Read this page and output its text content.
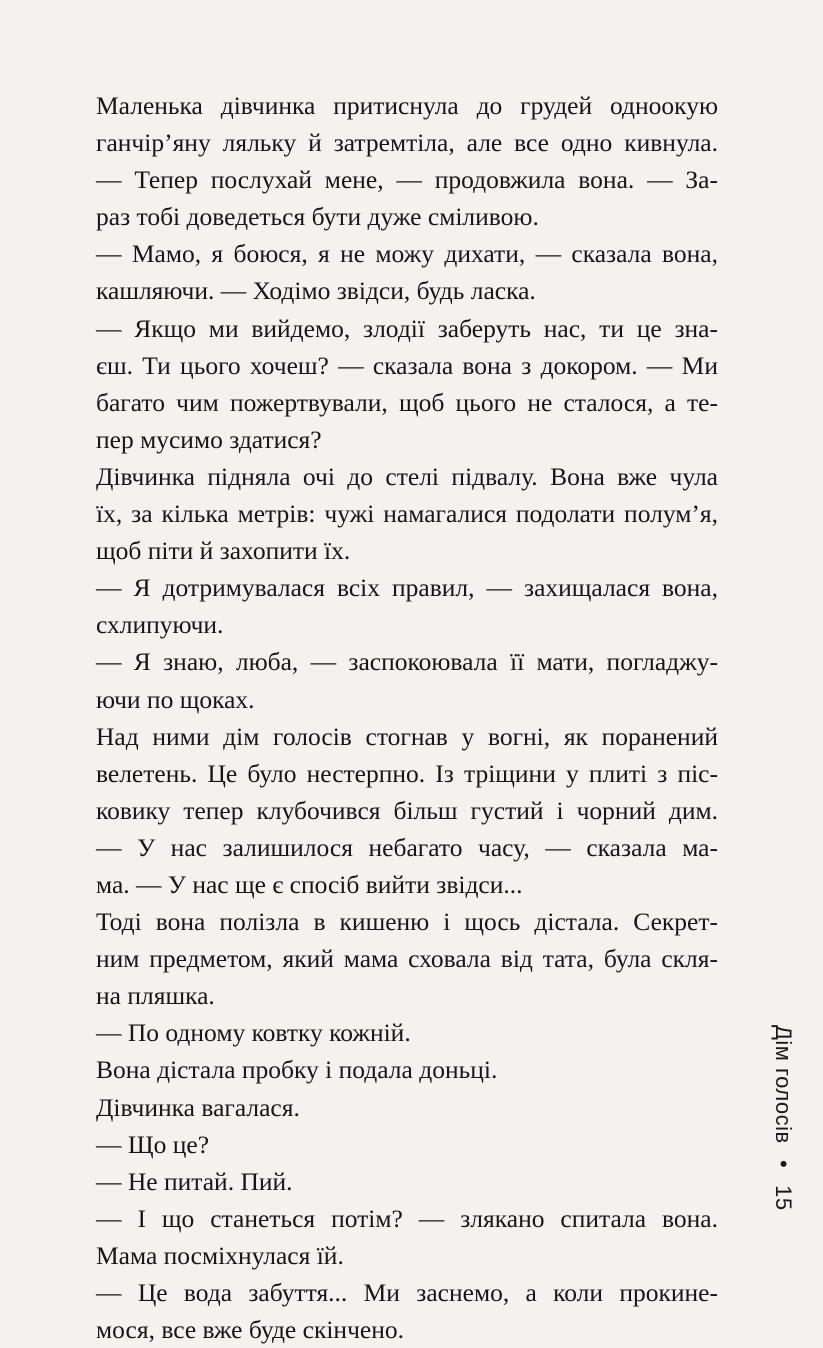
Маленька дівчинка притиснула до грудей одноокую
ганчір’яну ляльку й затремтіла, але все одно кивнула.
— Тепер послухай мене, — продовжила вона. — За-
раз тобі доведеться бути дуже сміливою.
— Мамо, я боюся, я не можу дихати, — сказала вона,
кашляючи. — Ходімо звідси, будь ласка.
— Якщо ми вийдемо, злодії заберуть нас, ти це зна-
єш. Ти цього хочеш? — сказала вона з докором. — Ми
багато чим пожертвували, щоб цього не сталося, а те-
пер мусимо здатися?
Дівчинка підняла очі до стелі підвалу. Вона вже чула
їх, за кілька метрів: чужі намагалися подолати полум’я,
щоб піти й захопити їх.
— Я дотримувалася всіх правил, — захищалася вона,
схлипуючи.
— Я знаю, люба, — заспокоювала її мати, погладжу-
ючи по щоках.
Над ними дім голосів стогнав у вогні, як поранений
велетень. Це було нестерпно. Із тріщини у плиті з піс-
ковику тепер клубочився більш густий і чорний дим.
— У нас залишилося небагато часу, — сказала ма-
ма. — У нас ще є спосіб вийти звідси...
Тоді вона полізла в кишеню і щось дістала. Секрет-
ним предметом, який мама сховала від тата, була скля-
на пляшка.
— По одному ковтку кожній.
Вона дістала пробку і подала доньці.
Дівчинка вагалася.
— Що це?
— Не питай. Пий.
— І що станеться потім? — злякано спитала вона.
Мама посміхнулася їй.
— Це вода забуття... Ми заснемо, а коли прокинe-
мося, все вже буде скінчено.
Дім голосів • 15
